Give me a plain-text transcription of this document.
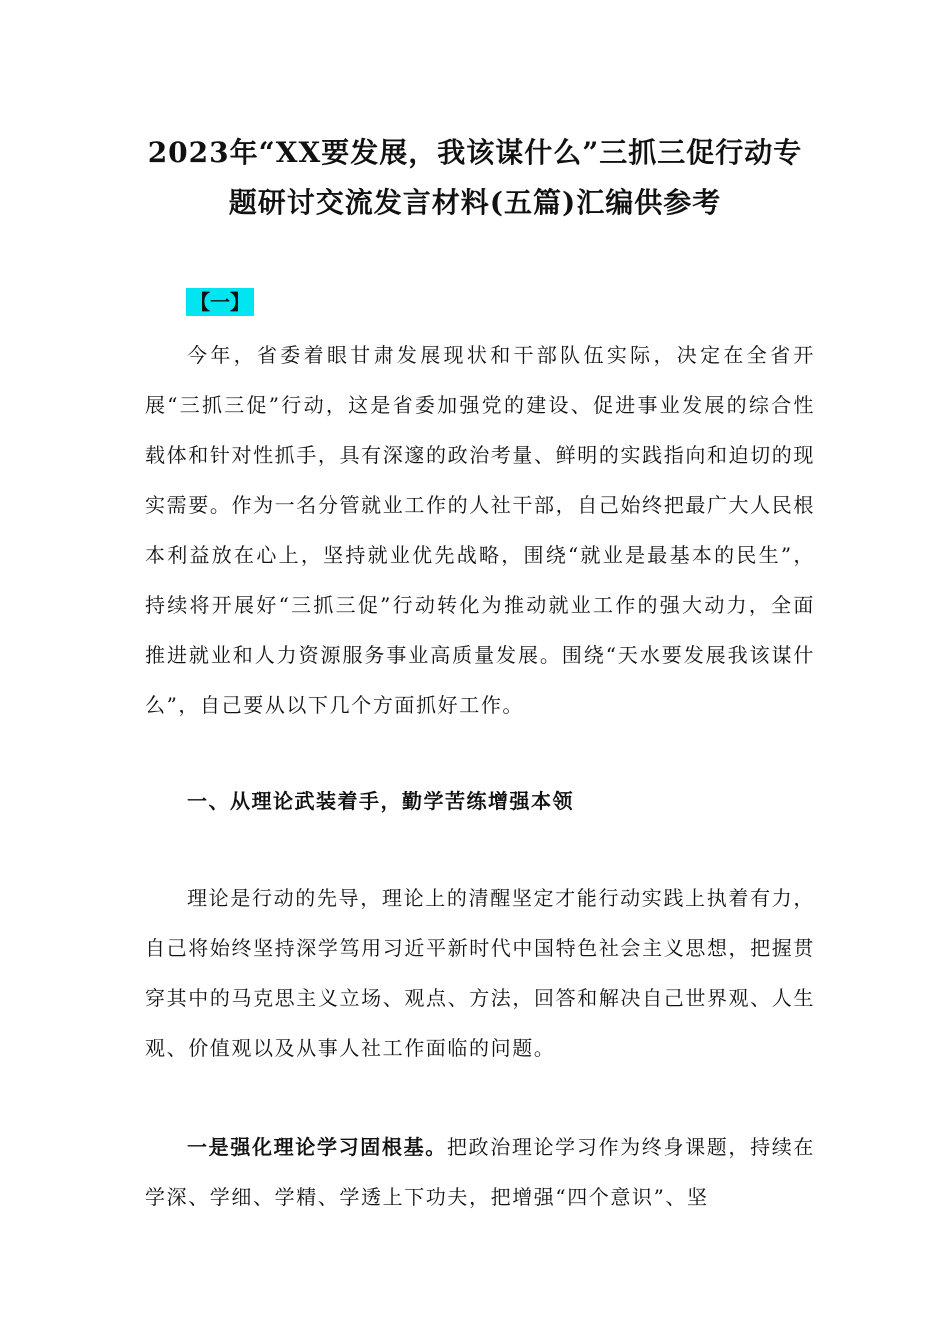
2023年“XX要发展，我该谋什么”三抓三促行动专
题研讨交流发言材料(五篇)汇编供参考
【一】

今年，省委着眼甘肃发展现状和干部队伍实际，决定在全省开展“三抓三促”行动，这是省委加强党的建设、促进事业发展的综合性载体和针对性抓手，具有深邃的政治考量、鲜明的实践指向和迫切的现实需要。作为一名分管就业工作的人社干部，自己始终把最广大人民根本利益放在心上，坚持就业优先战略，围绕“就业是最基本的民生”，持续将开展好“三抓三促”行动转化为推动就业工作的强大动力，全面推进就业和人力资源服务事业高质量发展。围绕“天水要发展我该谋什么”，自己要从以下几个方面抓好工作。

一、从理论武装着手，勤学苦练增强本领

理论是行动的先导，理论上的清醒坚定才能行动实践上执着有力，自己将始终坚持深学笃用习近平新时代中国特色社会主义思想，把握贯穿其中的马克思主义立场、观点、方法，回答和解决自己世界观、人生观、价值观以及从事人社工作面临的问题。

一是强化理论学习固根基。把政治理论学习作为终身课题，持续在学深、学细、学精、学透上下功夫，把增强“四个意识”、坚
